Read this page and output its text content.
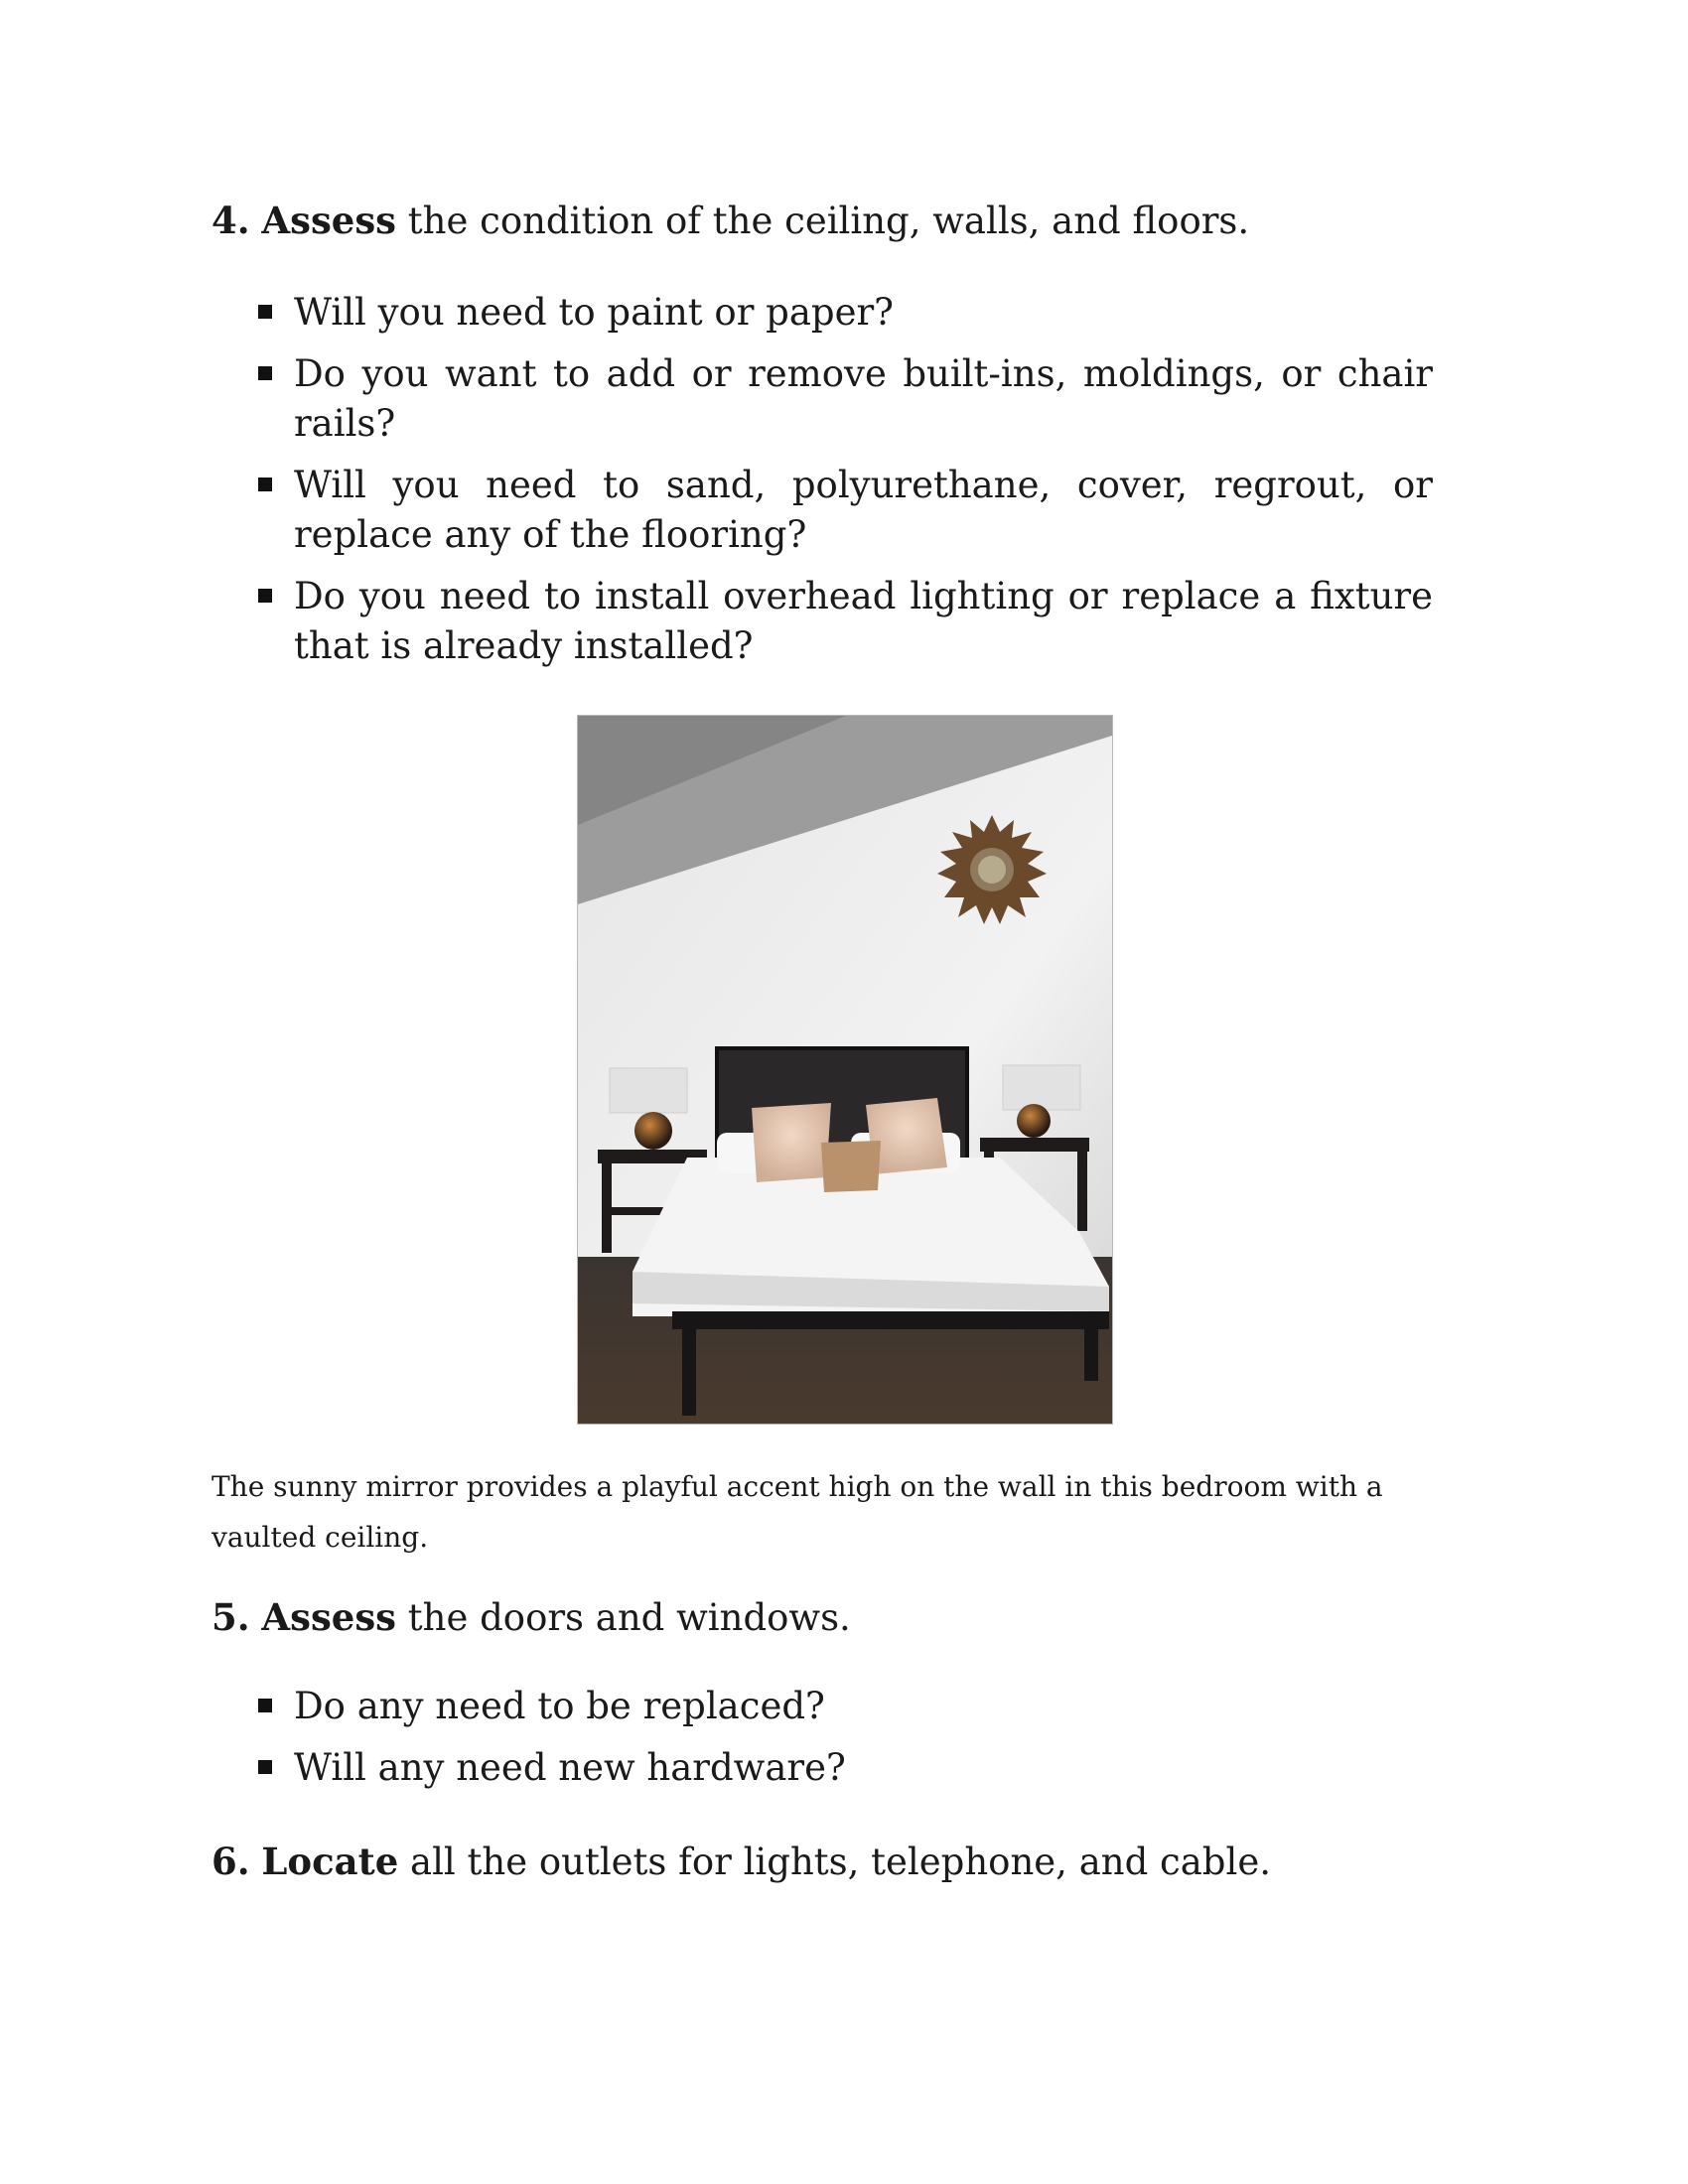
4. Assess the condition of the ceiling, walls, and floors.

Will you need to paint or paper?
Do you want to add or remove built-ins, moldings, or chair rails?
Will you need to sand, polyurethane, cover, regrout, or replace any of the flooring?
Do you need to install overhead lighting or replace a fixture that is already installed?

The sunny mirror provides a playful accent high on the wall in this bedroom with a vaulted ceiling.

5. Assess the doors and windows.

Do any need to be replaced?
Will any need new hardware?

6. Locate all the outlets for lights, telephone, and cable.
